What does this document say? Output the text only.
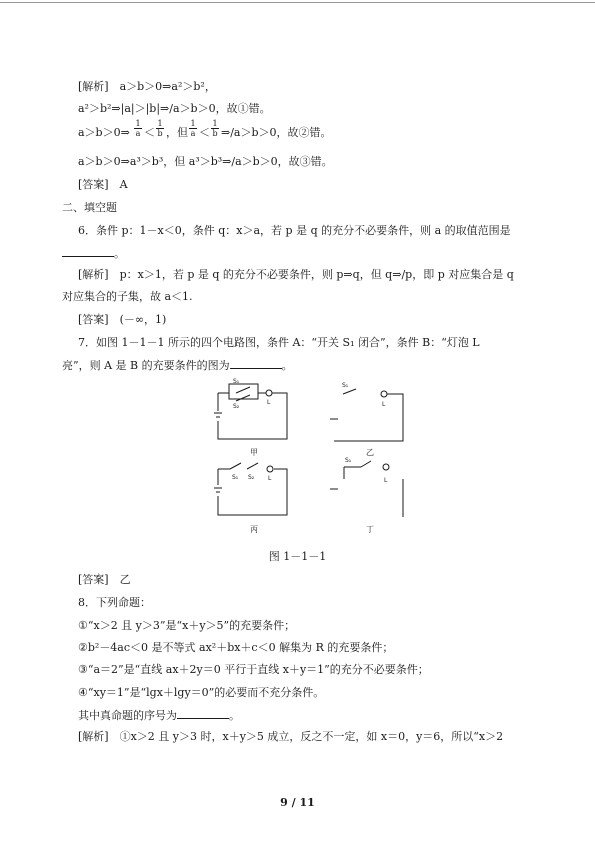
[解析]　a＞b＞0⇒a²＞b²，
a²＞b²⇒|a|＞|b|⇒/a＞b＞0，故①错。
a＞b＞0⇒
1
a ＜
1
b ，但
1
a ＜
1
b ⇒/a＞b＞0，故②错。
a＞b＞0⇒a³＞b³，但 a³＞b³⇒/a＞b＞0，故③错。
[答案]　A
二、填空题
6．条件 p：1－x＜0，条件 q：x＞a，若 p 是 q 的充分不必要条件，则 a 的取值范围是
。
[解析]　p：x＞1，若 p 是 q 的充分不必要条件，则 p⇒q，但 q⇒/p，即 p 对应集合是 q
对应集合的子集，故 a＜1.
[答案]　(－∞，1)
7．如图 1－1－1 所示的四个电路图，条件 A：“开关 S₁ 闭合”，条件 B：“灯泡 L
亮”，则 A 是 B 的充要条件的图为	。
S₁
S₂
L
甲
S₁
L
乙
S₁ S₂ L
丙
S₁
L
丁
图 1－1－1
[答案]　乙
8．下列命题：
①“x＞2 且 y＞3”是“x＋y＞5”的充要条件；
②b²－4ac＜0 是不等式 ax²＋bx＋c＜0 解集为 R 的充要条件；
③“a＝2”是“直线 ax＋2y＝0 平行于直线 x＋y＝1”的充分不必要条件；
④“xy＝1”是“lgx＋lgy＝0”的必要而不充分条件。
其中真命题的序号为	。
[解析]　①x＞2 且 y＞3 时，x＋y＞5 成立，反之不一定，如 x＝0，y＝6，所以“x＞2
9 / 11
